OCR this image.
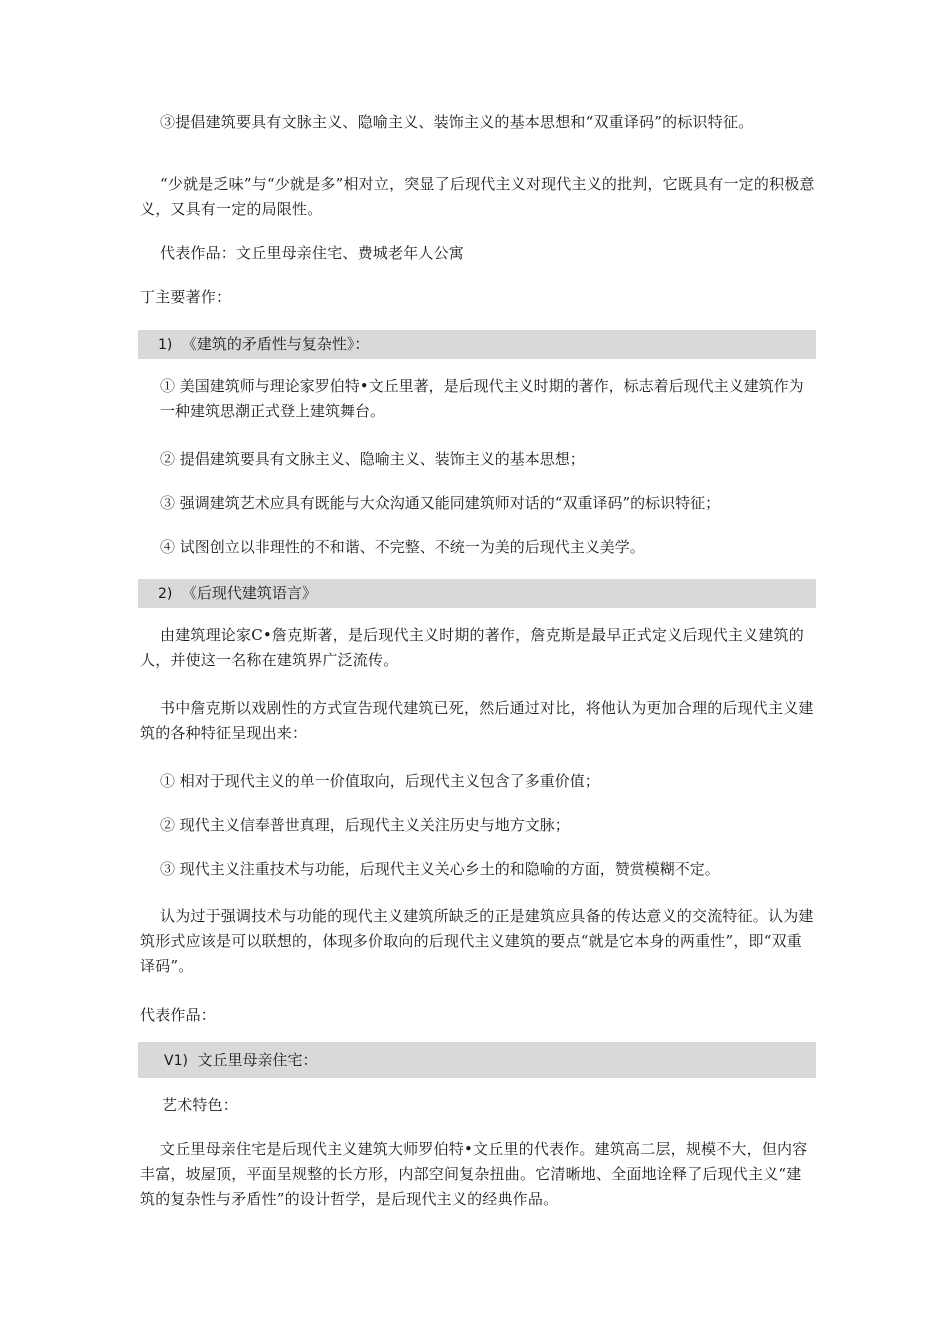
③提倡建筑要具有文脉主义、隐喻主义、装饰主义的基本思想和“双重译码”的标识特征。

“少就是乏味”与“少就是多”相对立，突显了后现代主义对现代主义的批判，它既具有一定的积极意义，又具有一定的局限性。

代表作品：文丘里母亲住宅、费城老年人公寓

丁主要著作：

1) 《建筑的矛盾性与复杂性》：

① 美国建筑师与理论家罗伯特•文丘里著，是后现代主义时期的著作，标志着后现代主义建筑作为一种建筑思潮正式登上建筑舞台。

② 提倡建筑要具有文脉主义、隐喻主义、装饰主义的基本思想；

③ 强调建筑艺术应具有既能与大众沟通又能同建筑师对话的“双重译码”的标识特征；

④ 试图创立以非理性的不和谐、不完整、不统一为美的后现代主义美学。

2) 《后现代建筑语言》

由建筑理论家C•詹克斯著，是后现代主义时期的著作，詹克斯是最早正式定义后现代主义建筑的人，并使这一名称在建筑界广泛流传。

书中詹克斯以戏剧性的方式宣告现代建筑已死，然后通过对比，将他认为更加合理的后现代主义建筑的各种特征呈现出来：

① 相对于现代主义的单一价值取向，后现代主义包含了多重价值；

② 现代主义信奉普世真理，后现代主义关注历史与地方文脉；

③ 现代主义注重技术与功能，后现代主义关心乡土的和隐喻的方面，赞赏模糊不定。

认为过于强调技术与功能的现代主义建筑所缺乏的正是建筑应具备的传达意义的交流特征。认为建筑形式应该是可以联想的，体现多价取向的后现代主义建筑的要点“就是它本身的两重性”，即“双重译码”。

代表作品：

V1) 文丘里母亲住宅：

艺术特色：

文丘里母亲住宅是后现代主义建筑大师罗伯特•文丘里的代表作。建筑高二层，规模不大，但内容丰富，坡屋顶，平面呈规整的长方形，内部空间复杂扭曲。它清晰地、全面地诠释了后现代主义“建筑的复杂性与矛盾性”的设计哲学，是后现代主义的经典作品。
